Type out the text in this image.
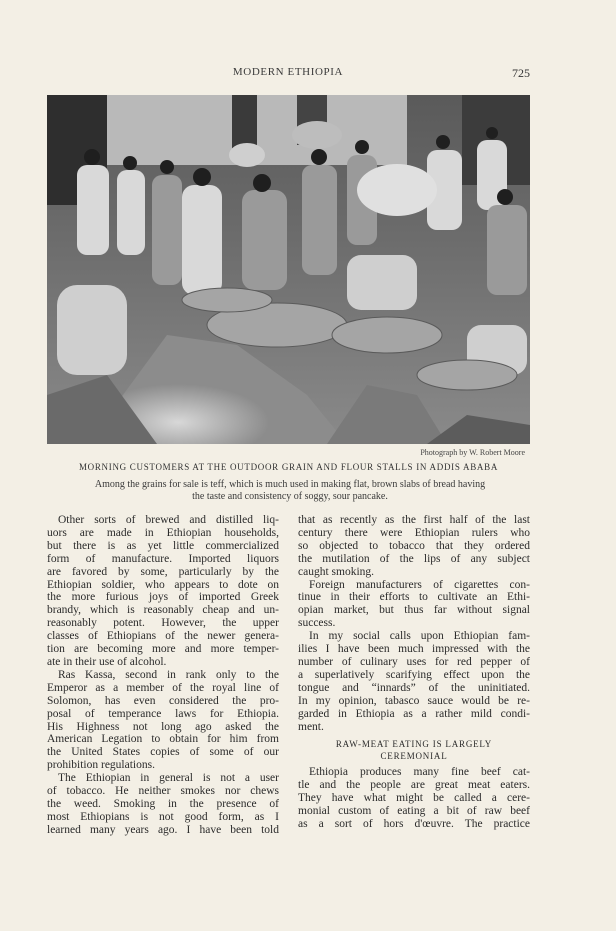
MODERN ETHIOPIA	725
Photograph by W. Robert Moore
MORNING CUSTOMERS AT THE OUTDOOR GRAIN AND FLOUR STALLS IN ADDIS ABABA
Among the grains for sale is teff, which is much used in making flat, brown slabs of bread having
the taste and consistency of soggy, sour pancake.
Other sorts of brewed and distilled liq-
uors are made in Ethiopian households,
but there is as yet little commercialized
form of manufacture. Imported liquors
are favored by some, particularly by the
Ethiopian soldier, who appears to dote on
the more furious joys of imported Greek
brandy, which is reasonably cheap and un-
reasonably potent. However, the upper
classes of Ethiopians of the newer genera-
tion are becoming more and more temper-
ate in their use of alcohol.
Ras Kassa, second in rank only to the
Emperor as a member of the royal line of
Solomon, has even considered the pro-
posal of temperance laws for Ethiopia.
His Highness not long ago asked the
American Legation to obtain for him from
the United States copies of some of our
prohibition regulations.
The Ethiopian in general is not a user
of tobacco. He neither smokes nor chews
the weed. Smoking in the presence of
most Ethiopians is not good form, as I
learned many years ago. I have been told
that as recently as the first half of the last
century there were Ethiopian rulers who
so objected to tobacco that they ordered
the mutilation of the lips of any subject
caught smoking.
Foreign manufacturers of cigarettes con-
tinue in their efforts to cultivate an Ethi-
opian market, but thus far without signal
success.
In my social calls upon Ethiopian fam-
ilies I have been much impressed with the
number of culinary uses for red pepper of
a superlatively scarifying effect upon the
tongue and “innards” of the uninitiated.
In my opinion, tabasco sauce would be re-
garded in Ethiopia as a rather mild condi-
ment.
RAW-MEAT EATING IS LARGELY
CEREMONIAL
Ethiopia produces many fine beef cat-
tle and the people are great meat eaters.
They have what might be called a cere-
monial custom of eating a bit of raw beef
as a sort of hors d'œuvre. The practice
